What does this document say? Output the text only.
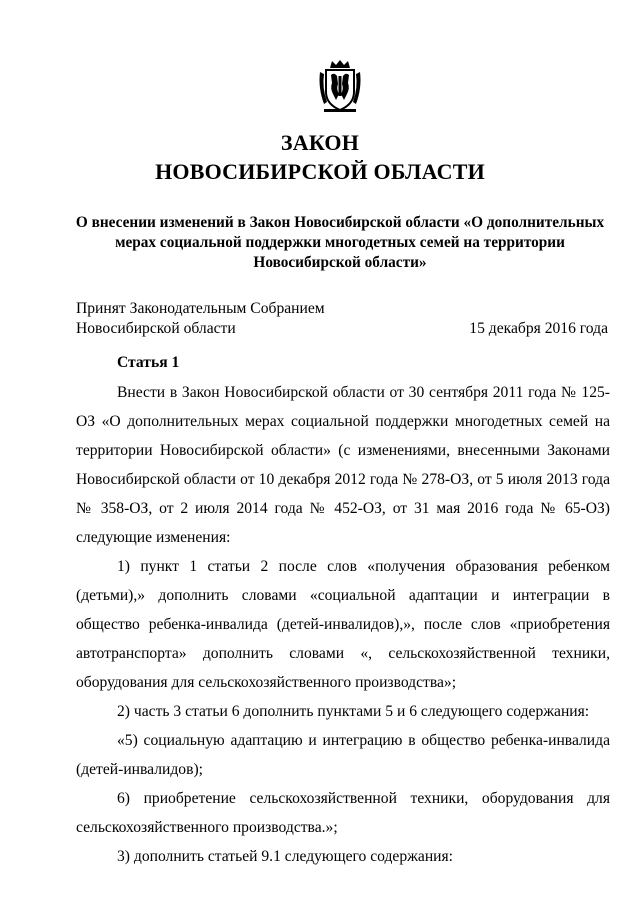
ЗАКОН
НОВОСИБИРСКОЙ ОБЛАСТИ
О внесении изменений в Закон Новосибирской области «О дополнительных
мерах социальной поддержки многодетных семей на территории
Новосибирской области»
Принят Законодательным Собранием
Новосибирской области	15 декабря 2016 года
Статья 1

Внести в Закон Новосибирской области от 30 сентября 2011 года № 125-ОЗ «О дополнительных мерах социальной поддержки многодетных семей на территории Новосибирской области» (с изменениями, внесенными Законами Новосибирской области от 10 декабря 2012 года № 278-ОЗ, от 5 июля 2013 года № 358-ОЗ, от 2 июля 2014 года № 452-ОЗ, от 31 мая 2016 года № 65-ОЗ) следующие изменения:

1) пункт 1 статьи 2 после слов «получения образования ребенком (детьми),» дополнить словами «социальной адаптации и интеграции в общество ребенка-инвалида (детей-инвалидов),», после слов «приобретения автотранспорта» дополнить словами «, сельскохозяйственной техники, оборудования для сельскохозяйственного производства»;

2) часть 3 статьи 6 дополнить пунктами 5 и 6 следующего содержания:

«5) социальную адаптацию и интеграцию в общество ребенка-инвалида (детей-инвалидов);

6) приобретение сельскохозяйственной техники, оборудования для сельскохозяйственного производства.»;

3) дополнить статьей 9.1 следующего содержания:
